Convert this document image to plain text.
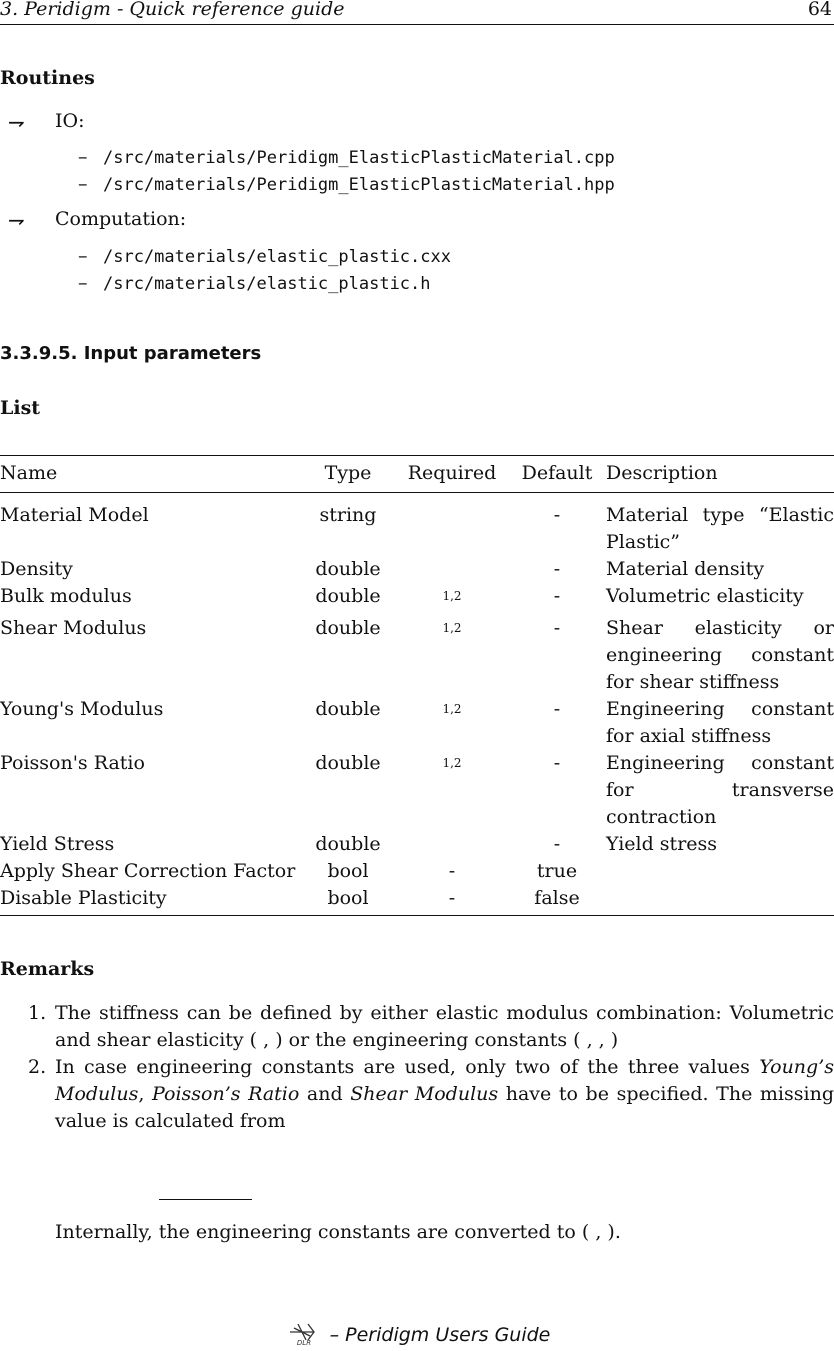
3. Peridigm - Quick reference guide	64
Routines
⇁ IO:
– /src/materials/Peridigm_ElasticPlasticMaterial.cpp
– /src/materials/Peridigm_ElasticPlasticMaterial.hpp
⇁ Computation:
– /src/materials/elastic_plastic.cxx
– /src/materials/elastic_plastic.h
3.3.9.5. Input parameters
List
Name	Type	Required	Default	Description
Material Model	string		-	Material type “Elastic Plastic”
Density	double		-	Material density
Bulk modulus	double	$^{1,2}$	-	Volumetric elasticity
Shear Modulus	double	$^{1,2}$	-	Shear elasticity or engineering constant for shear stiffness
Young's Modulus	double	$^{1,2}$	-	Engineering constant for axial stiffness
Poisson's Ratio	double	$^{1,2}$	-	Engineering constant for transverse contraction
Yield Stress	double		-	Yield stress
Apply Shear Correction Factor	bool	-	true	
Disable Plasticity	bool	-	false	
Remarks
1. The stiffness can be defined by either elastic modulus combination: Volumetric and shear elasticity ( , ) or the engineering constants ( , , )
2. In case engineering constants are used, only two of the three values Young’s Modulus, Poisson’s Ratio and Shear Modulus have to be specified. The missing value is calculated from
Internally, the engineering constants are converted to ( , ).
DLR – Peridigm Users Guide
